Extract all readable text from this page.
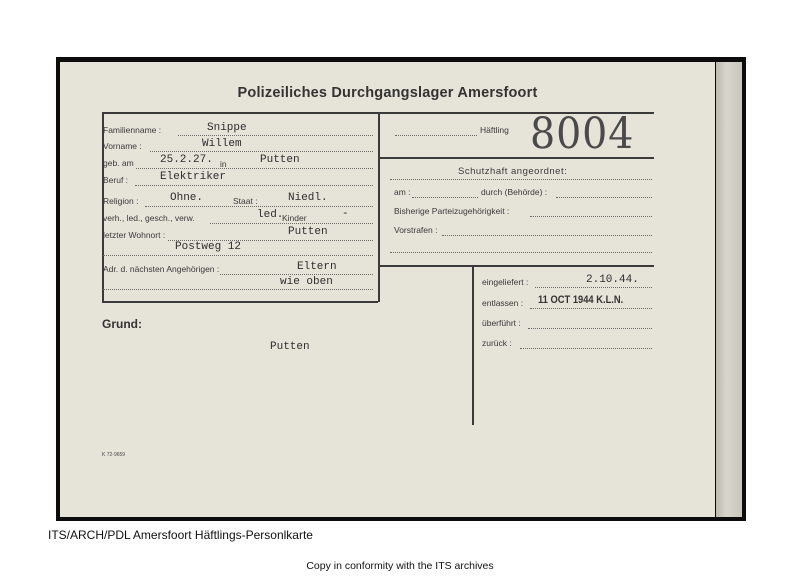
Polizeiliches Durchgangslager Amersfoort
Häftling 8004
Familienname :	Snippe
Vorname :	Willem
geb. am 25.2.27. in	Putten
Beruf :	Elektriker
Religion :	Ohne.	Staat :	Niedl.
verh., led., gesch., verw.	led.
Kinder	-
letzter Wohnort :	Putten
Postweg 12
Adr. d. nächsten Angehörigen :	Eltern
wie oben
Schutzhaft angeordnet:
am :	durch (Behörde) :
Bisherige Parteizugehörigkeit :
Vorstrafen :
eingeliefert :	2.10.44.
entlassen : 11 OCT 1944 K.L.N.
überführt :
zurück :
Grund:
Putten
K 72-9659
ITS/ARCH/PDL Amersfoort Häftlings-Personlkarte
Copy in conformity with the ITS archives
